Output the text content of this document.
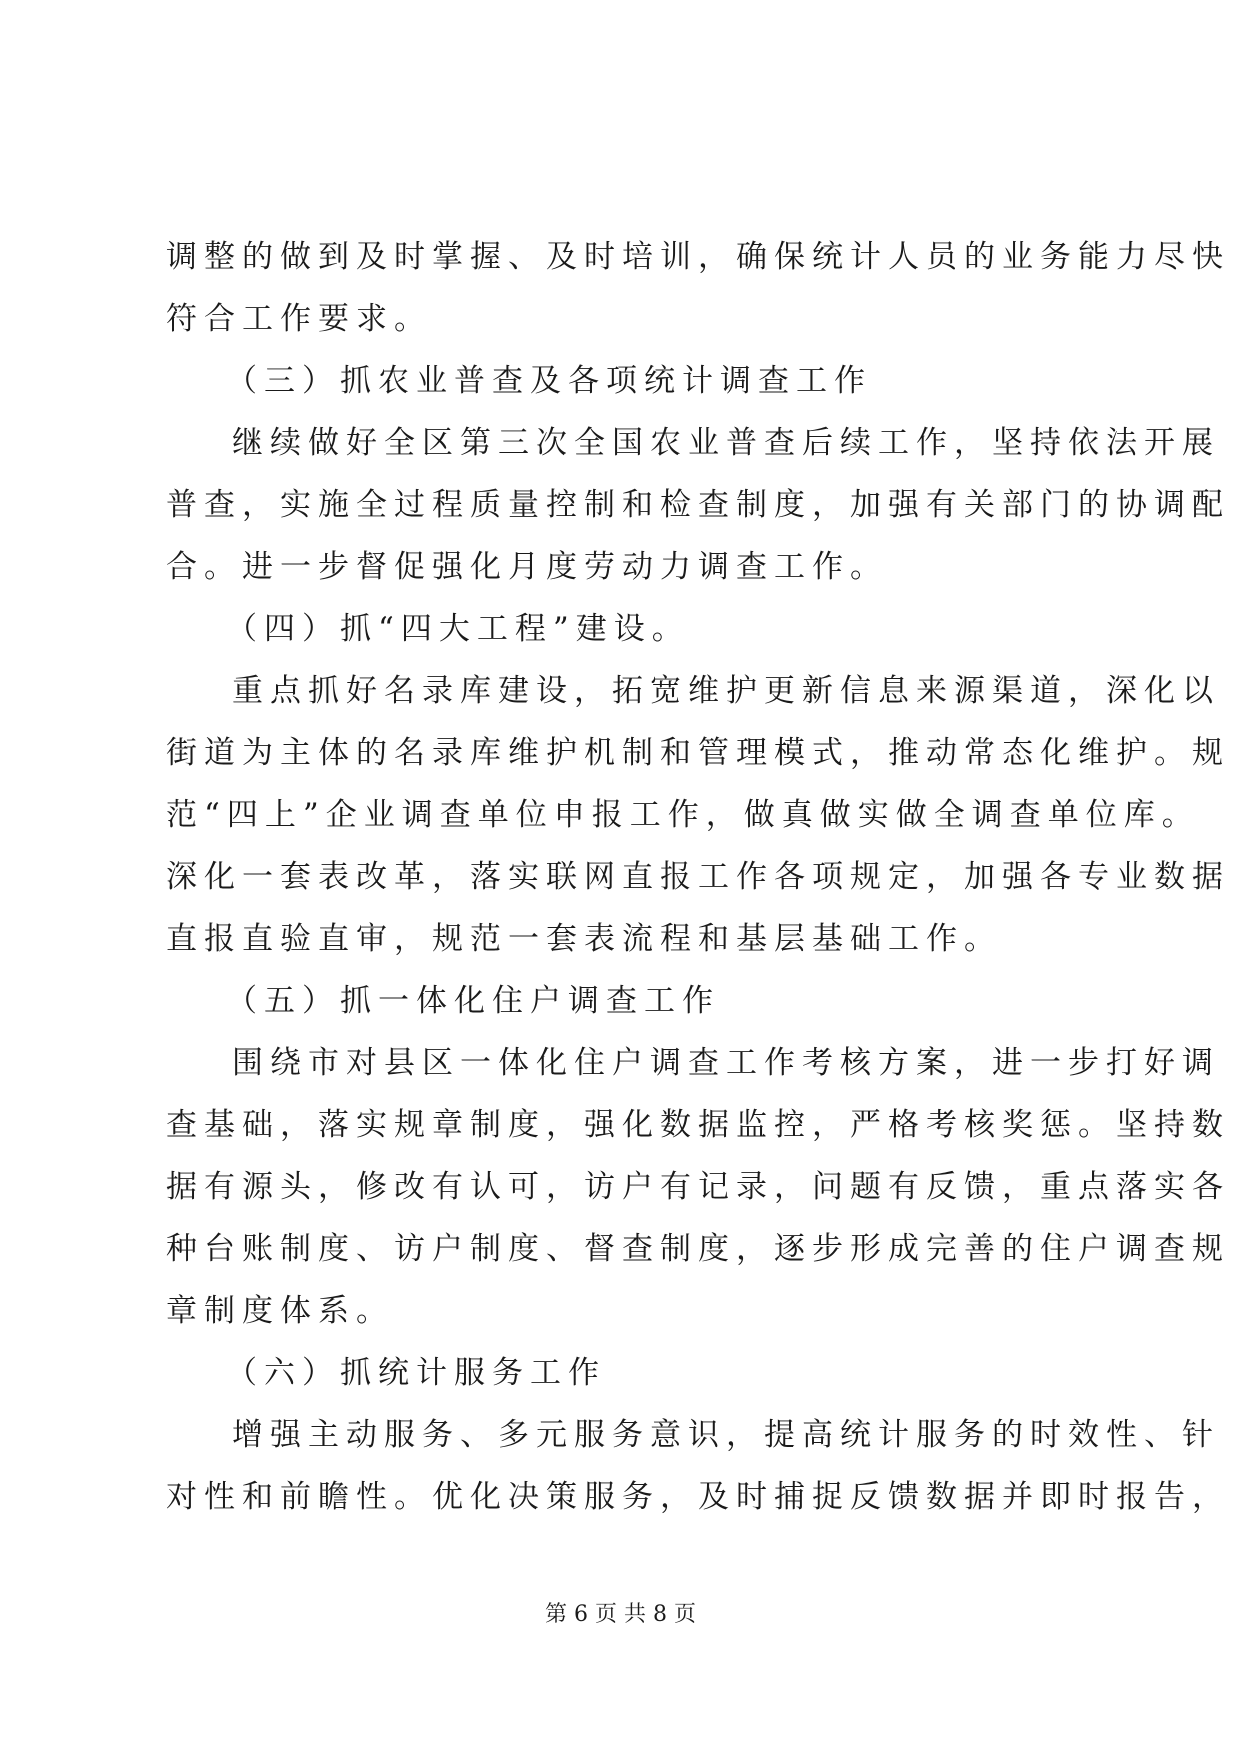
调整的做到及时掌握、及时培训，确保统计人员的业务能力尽快
符合工作要求。
（三）抓农业普查及各项统计调查工作
继续做好全区第三次全国农业普查后续工作，坚持依法开展
普查，实施全过程质量控制和检查制度，加强有关部门的协调配
合。进一步督促强化月度劳动力调查工作。
（四）抓“四大工程”建设。
重点抓好名录库建设，拓宽维护更新信息来源渠道，深化以
街道为主体的名录库维护机制和管理模式，推动常态化维护。规
范“四上”企业调查单位申报工作，做真做实做全调查单位库。
深化一套表改革，落实联网直报工作各项规定，加强各专业数据
直报直验直审，规范一套表流程和基层基础工作。
（五）抓一体化住户调查工作
围绕市对县区一体化住户调查工作考核方案，进一步打好调
查基础，落实规章制度，强化数据监控，严格考核奖惩。坚持数
据有源头，修改有认可，访户有记录，问题有反馈，重点落实各
种台账制度、访户制度、督查制度，逐步形成完善的住户调查规
章制度体系。
（六）抓统计服务工作
增强主动服务、多元服务意识，提高统计服务的时效性、针
对性和前瞻性。优化决策服务，及时捕捉反馈数据并即时报告，
第 6 页 共 8 页
